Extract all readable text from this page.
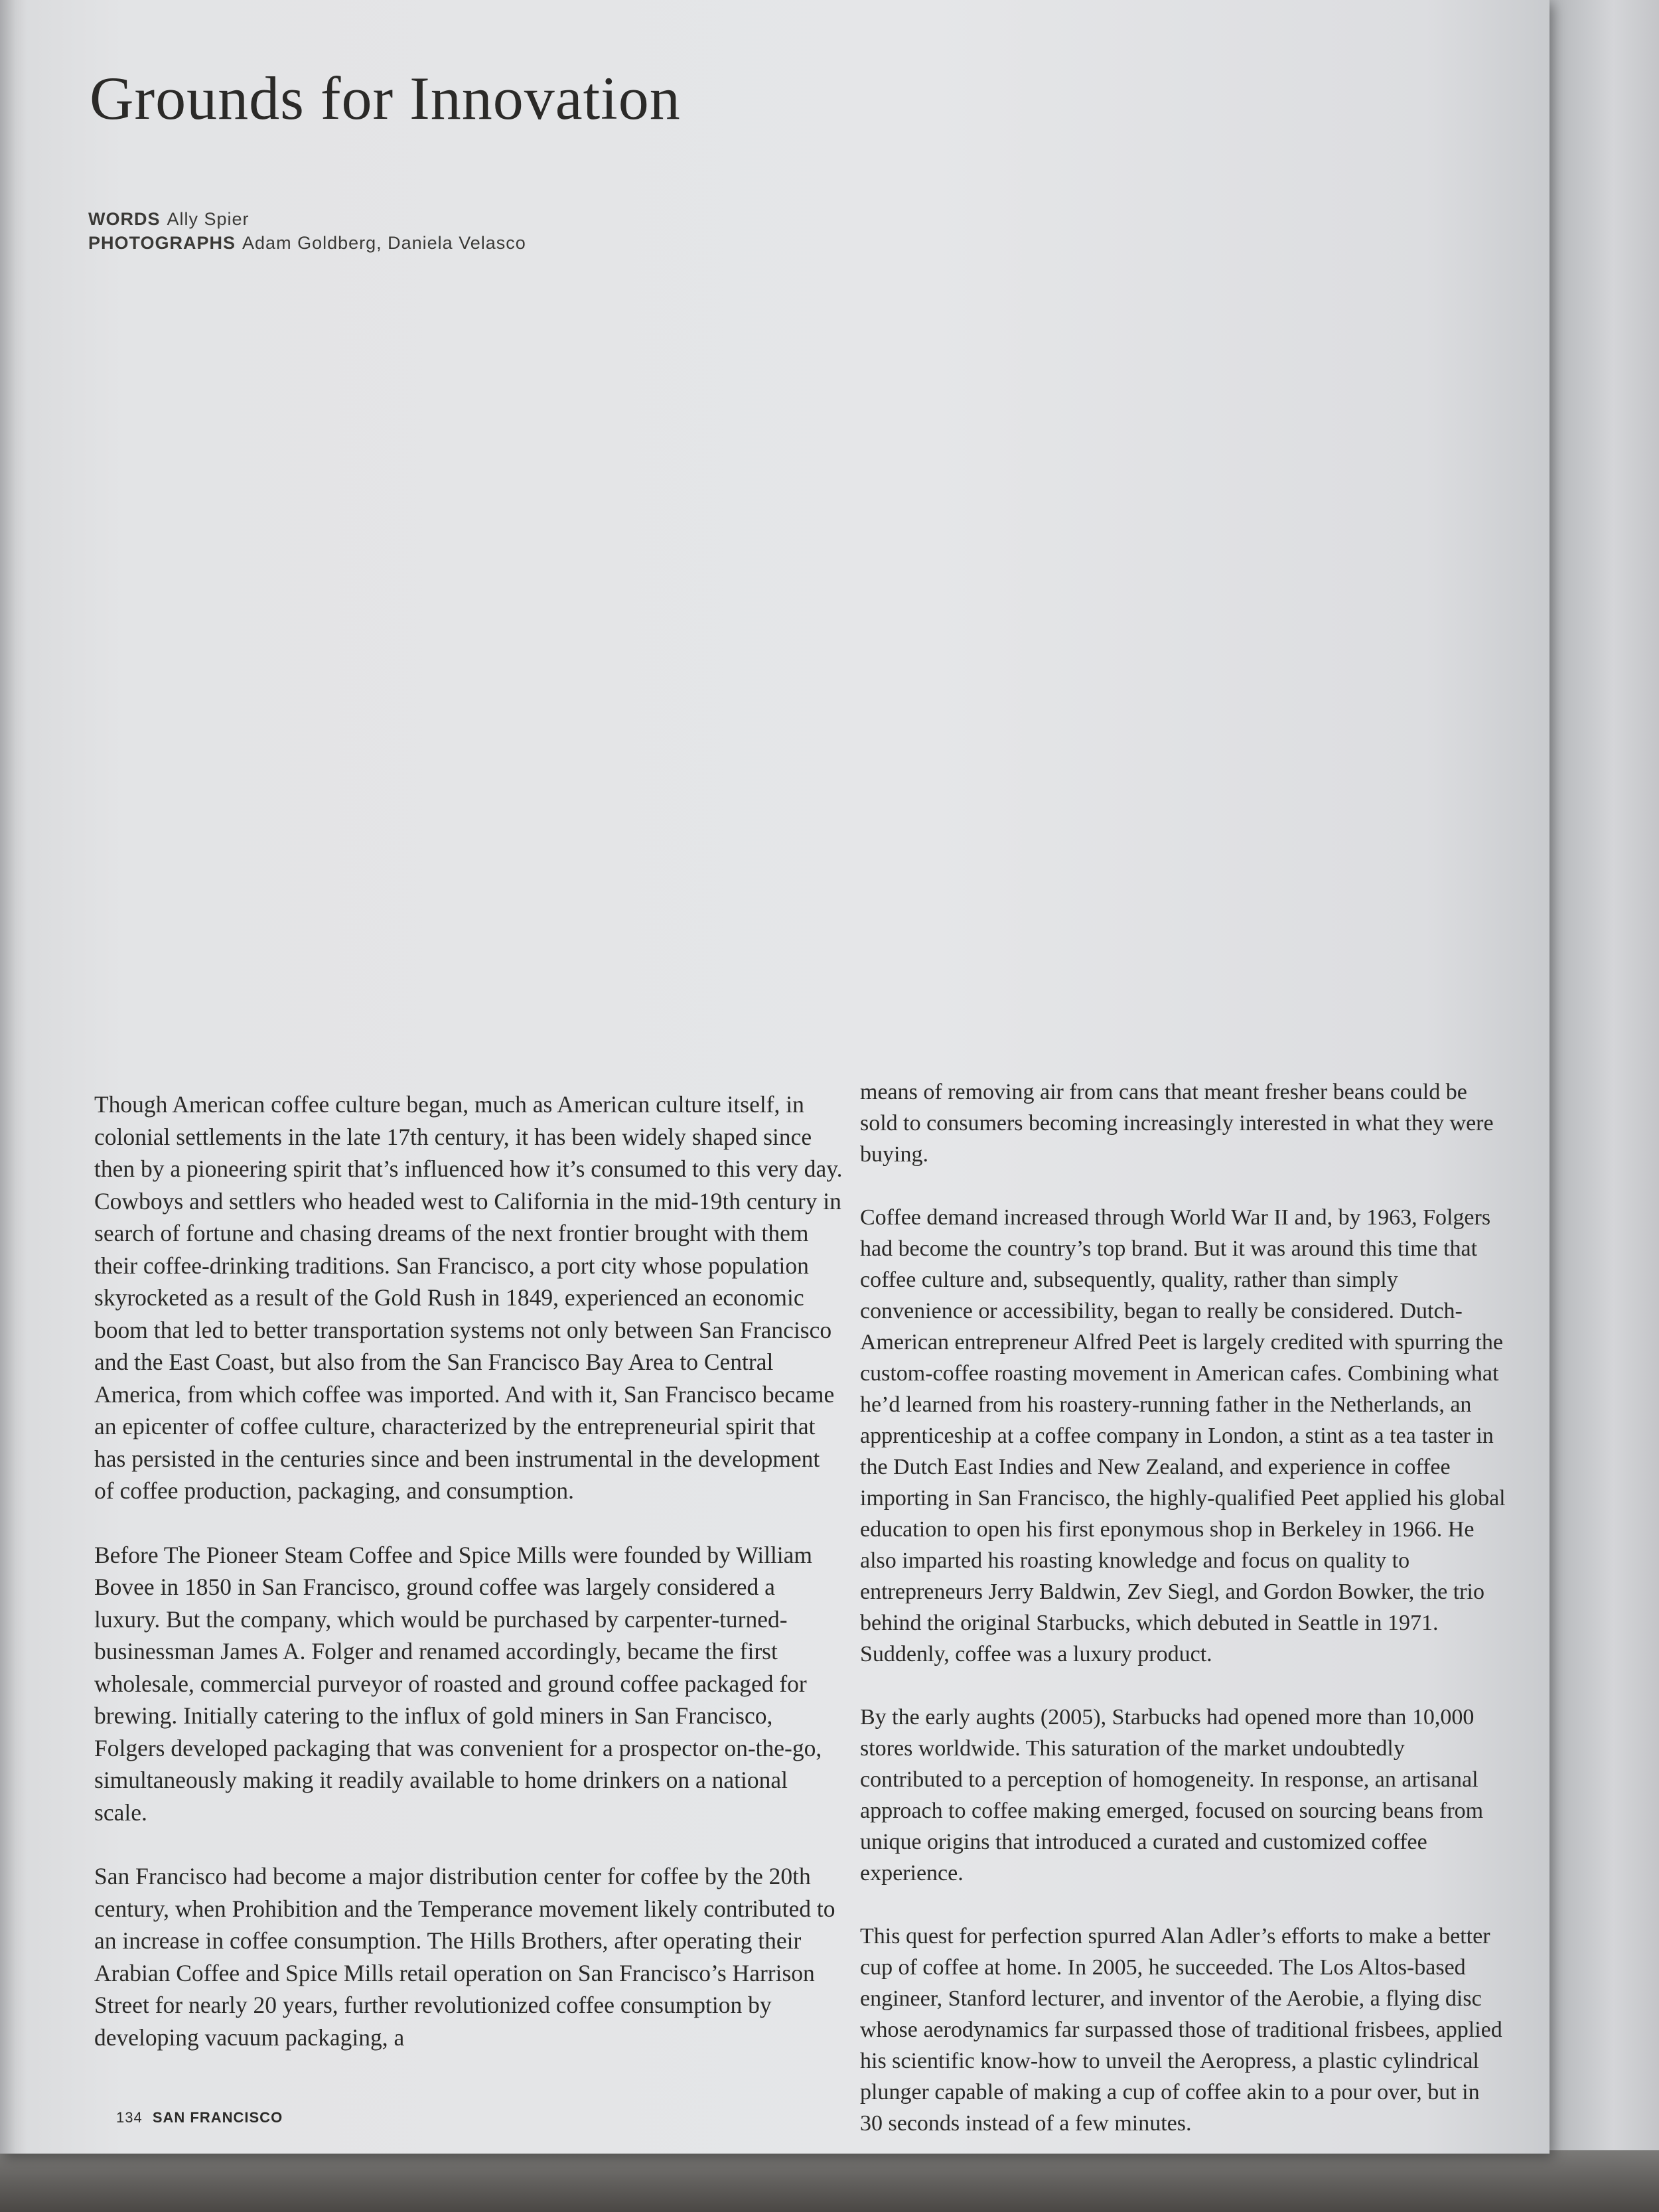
Grounds for Innovation
WORDS Ally Spier
PHOTOGRAPHS Adam Goldberg, Daniela Velasco

Though American coffee culture began, much as American culture itself, in colonial settlements in the late 17th century, it has been widely shaped since then by a pioneering spirit that’s influenced how it’s consumed to this very day. Cowboys and settlers who headed west to California in the mid-19th century in search of fortune and chasing dreams of the next frontier brought with them their coffee-drinking traditions. San Francisco, a port city whose population skyrocketed as a result of the Gold Rush in 1849, experienced an economic boom that led to better transportation systems not only between San Francisco and the East Coast, but also from the San Francisco Bay Area to Central America, from which coffee was imported. And with it, San Francisco became an epicenter of coffee culture, characterized by the entrepreneurial spirit that has persisted in the centuries since and been instrumental in the development of coffee production, packaging, and consumption.

Before The Pioneer Steam Coffee and Spice Mills were founded by William Bovee in 1850 in San Francisco, ground coffee was largely considered a luxury. But the company, which would be purchased by carpenter-turned-businessman James A. Folger and renamed accordingly, became the first wholesale, commercial purveyor of roasted and ground coffee packaged for brewing. Initially catering to the influx of gold miners in San Francisco, Folgers developed packaging that was convenient for a prospector on-the-go, simultaneously making it readily available to home drinkers on a national scale.

San Francisco had become a major distribution center for coffee by the 20th century, when Prohibition and the Temperance movement likely contributed to an increase in coffee consumption. The Hills Brothers, after operating their Arabian Coffee and Spice Mills retail operation on San Francisco’s Harrison Street for nearly 20 years, further revolutionized coffee consumption by developing vacuum packaging, a

means of removing air from cans that meant fresher beans could be sold to consumers becoming increasingly interested in what they were buying.

Coffee demand increased through World War II and, by 1963, Folgers had become the country’s top brand. But it was around this time that coffee culture and, subsequently, quality, rather than simply convenience or accessibility, began to really be considered. Dutch-American entrepreneur Alfred Peet is largely credited with spurring the custom-coffee roasting movement in American cafes. Combining what he’d learned from his roastery-running father in the Netherlands, an apprenticeship at a coffee company in London, a stint as a tea taster in the Dutch East Indies and New Zealand, and experience in coffee importing in San Francisco, the highly-qualified Peet applied his global education to open his first eponymous shop in Berkeley in 1966. He also imparted his roasting knowledge and focus on quality to entrepreneurs Jerry Baldwin, Zev Siegl, and Gordon Bowker, the trio behind the original Starbucks, which debuted in Seattle in 1971. Suddenly, coffee was a luxury product.

By the early aughts (2005), Starbucks had opened more than 10,000 stores worldwide. This saturation of the market undoubtedly contributed to a perception of homogeneity. In response, an artisanal approach to coffee making emerged, focused on sourcing beans from unique origins that introduced a curated and customized coffee experience.

This quest for perfection spurred Alan Adler’s efforts to make a better cup of coffee at home. In 2005, he succeeded. The Los Altos-based engineer, Stanford lecturer, and inventor of the Aerobie, a flying disc whose aerodynamics far surpassed those of traditional frisbees, applied his scientific know-how to unveil the Aeropress, a plastic cylindrical plunger capable of making a cup of coffee akin to a pour over, but in 30 seconds instead of a few minutes.

134 SAN FRANCISCO
